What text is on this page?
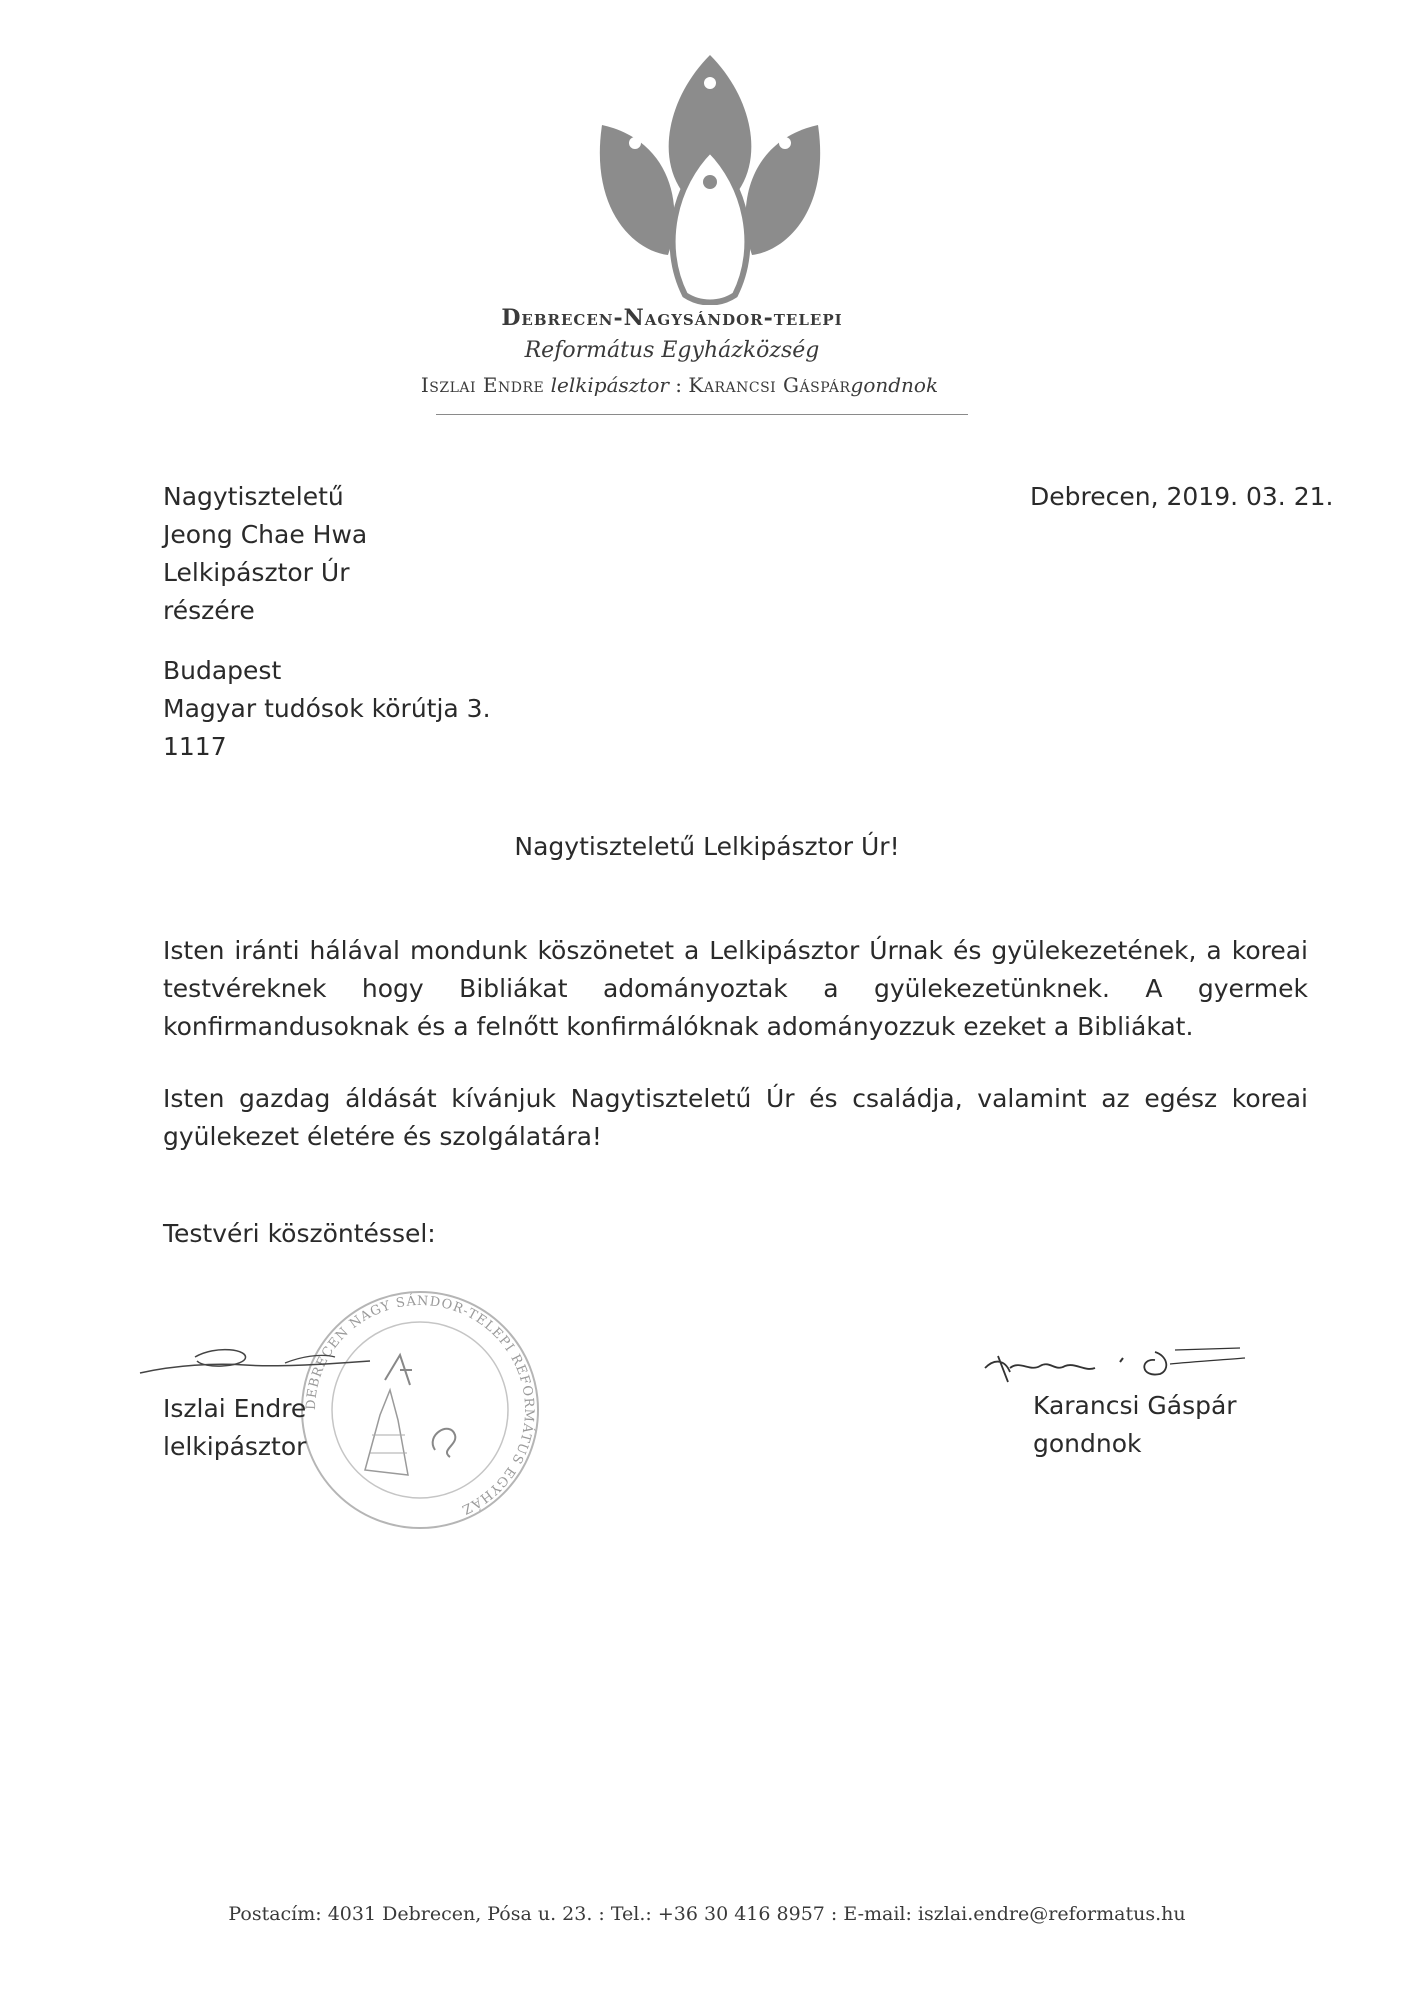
Debrecen-Nagysándor-telepi
Református Egyházközség
Iszlai Endre lelkipásztor : Karancsi Gáspárgondnok
Nagytiszteletű
Jeong Chae Hwa
Lelkipásztor Úr
részére
Debrecen, 2019. 03. 21.
Budapest
Magyar tudósok körútja 3.
1117
Nagytiszteletű Lelkipásztor Úr!

Isten iránti hálával mondunk köszönetet a Lelkipásztor Úrnak és gyülekezetének, a koreai testvéreknek hogy Bibliákat adományoztak a gyülekezetünknek. A gyermek konfirmandusoknak és a felnőtt konfirmálóknak adományozzuk ezeket a Bibliákat.

Isten gazdag áldását kívánjuk Nagytiszteletű Úr és családja, valamint az egész koreai gyülekezet életére és szolgálatára!

Testvéri köszöntéssel:
DEBRECEN NAGY SÁNDOR-TELEPI REFORMÁTUS EGYHÁZ
Iszlai Endre
lelkipásztor
Karancsi Gáspár
gondnok
Postacím: 4031 Debrecen, Pósa u. 23. : Tel.: +36 30 416 8957 : E-mail: iszlai.endre@reformatus.hu
